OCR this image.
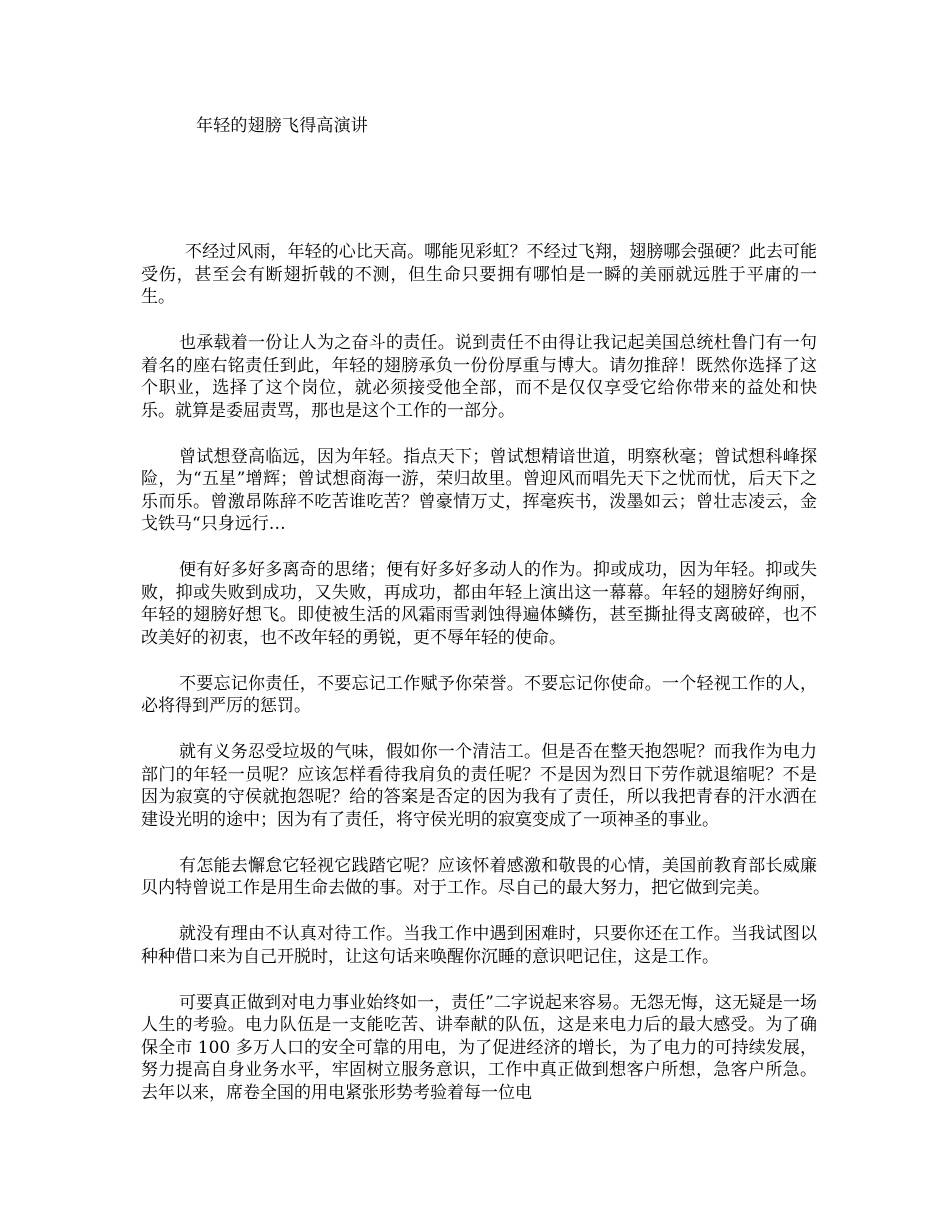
年轻的翅膀飞得高演讲

不经过风雨，年轻的心比天高。哪能见彩虹？不经过飞翔，翅膀哪会强硬？此去可能受伤，甚至会有断翅折戟的不测，但生命只要拥有哪怕是一瞬的美丽就远胜于平庸的一生。

也承载着一份让人为之奋斗的责任。说到责任不由得让我记起美国总统杜鲁门有一句着名的座右铭责任到此，年轻的翅膀承负一份份厚重与博大。请勿推辞！既然你选择了这个职业，选择了这个岗位，就必须接受他全部，而不是仅仅享受它给你带来的益处和快乐。就算是委屈责骂，那也是这个工作的一部分。

曾试想登高临远，因为年轻。指点天下；曾试想精谙世道，明察秋毫；曾试想科峰探险，为“五星”增辉；曾试想商海一游，荣归故里。曾迎风而唱先天下之忧而忧，后天下之乐而乐。曾激昂陈辞不吃苦谁吃苦？曾豪情万丈，挥毫疾书，泼墨如云；曾壮志凌云，金戈铁马“只身远行…

便有好多好多离奇的思绪；便有好多好多动人的作为。抑或成功，因为年轻。抑或失败，抑或失败到成功，又失败，再成功，都由年轻上演出这一幕幕。年轻的翅膀好绚丽，年轻的翅膀好想飞。即使被生活的风霜雨雪剥蚀得遍体鳞伤，甚至撕扯得支离破碎，也不改美好的初衷，也不改年轻的勇锐，更不辱年轻的使命。

不要忘记你责任，不要忘记工作赋予你荣誉。不要忘记你使命。一个轻视工作的人，必将得到严厉的惩罚。

就有义务忍受垃圾的气味，假如你一个清洁工。但是否在整天抱怨呢？而我作为电力部门的年轻一员呢？应该怎样看待我肩负的责任呢？不是因为烈日下劳作就退缩呢？不是因为寂寞的守侯就抱怨呢？给的答案是否定的因为我有了责任，所以我把青春的汗水洒在建设光明的途中；因为有了责任，将守侯光明的寂寞变成了一项神圣的事业。

有怎能去懈怠它轻视它践踏它呢？应该怀着感激和敬畏的心情，美国前教育部长威廉贝内特曾说工作是用生命去做的事。对于工作。尽自己的最大努力，把它做到完美。

就没有理由不认真对待工作。当我工作中遇到困难时，只要你还在工作。当我试图以种种借口来为自己开脱时，让这句话来唤醒你沉睡的意识吧记住，这是工作。

可要真正做到对电力事业始终如一，责任”二字说起来容易。无怨无悔，这无疑是一场人生的考验。电力队伍是一支能吃苦、讲奉献的队伍，这是来电力后的最大感受。为了确保全市 100 多万人口的安全可靠的用电，为了促进经济的增长，为了电力的可持续发展，努力提高自身业务水平，牢固树立服务意识，工作中真正做到想客户所想，急客户所急。去年以来，席卷全国的用电紧张形势考验着每一位电
